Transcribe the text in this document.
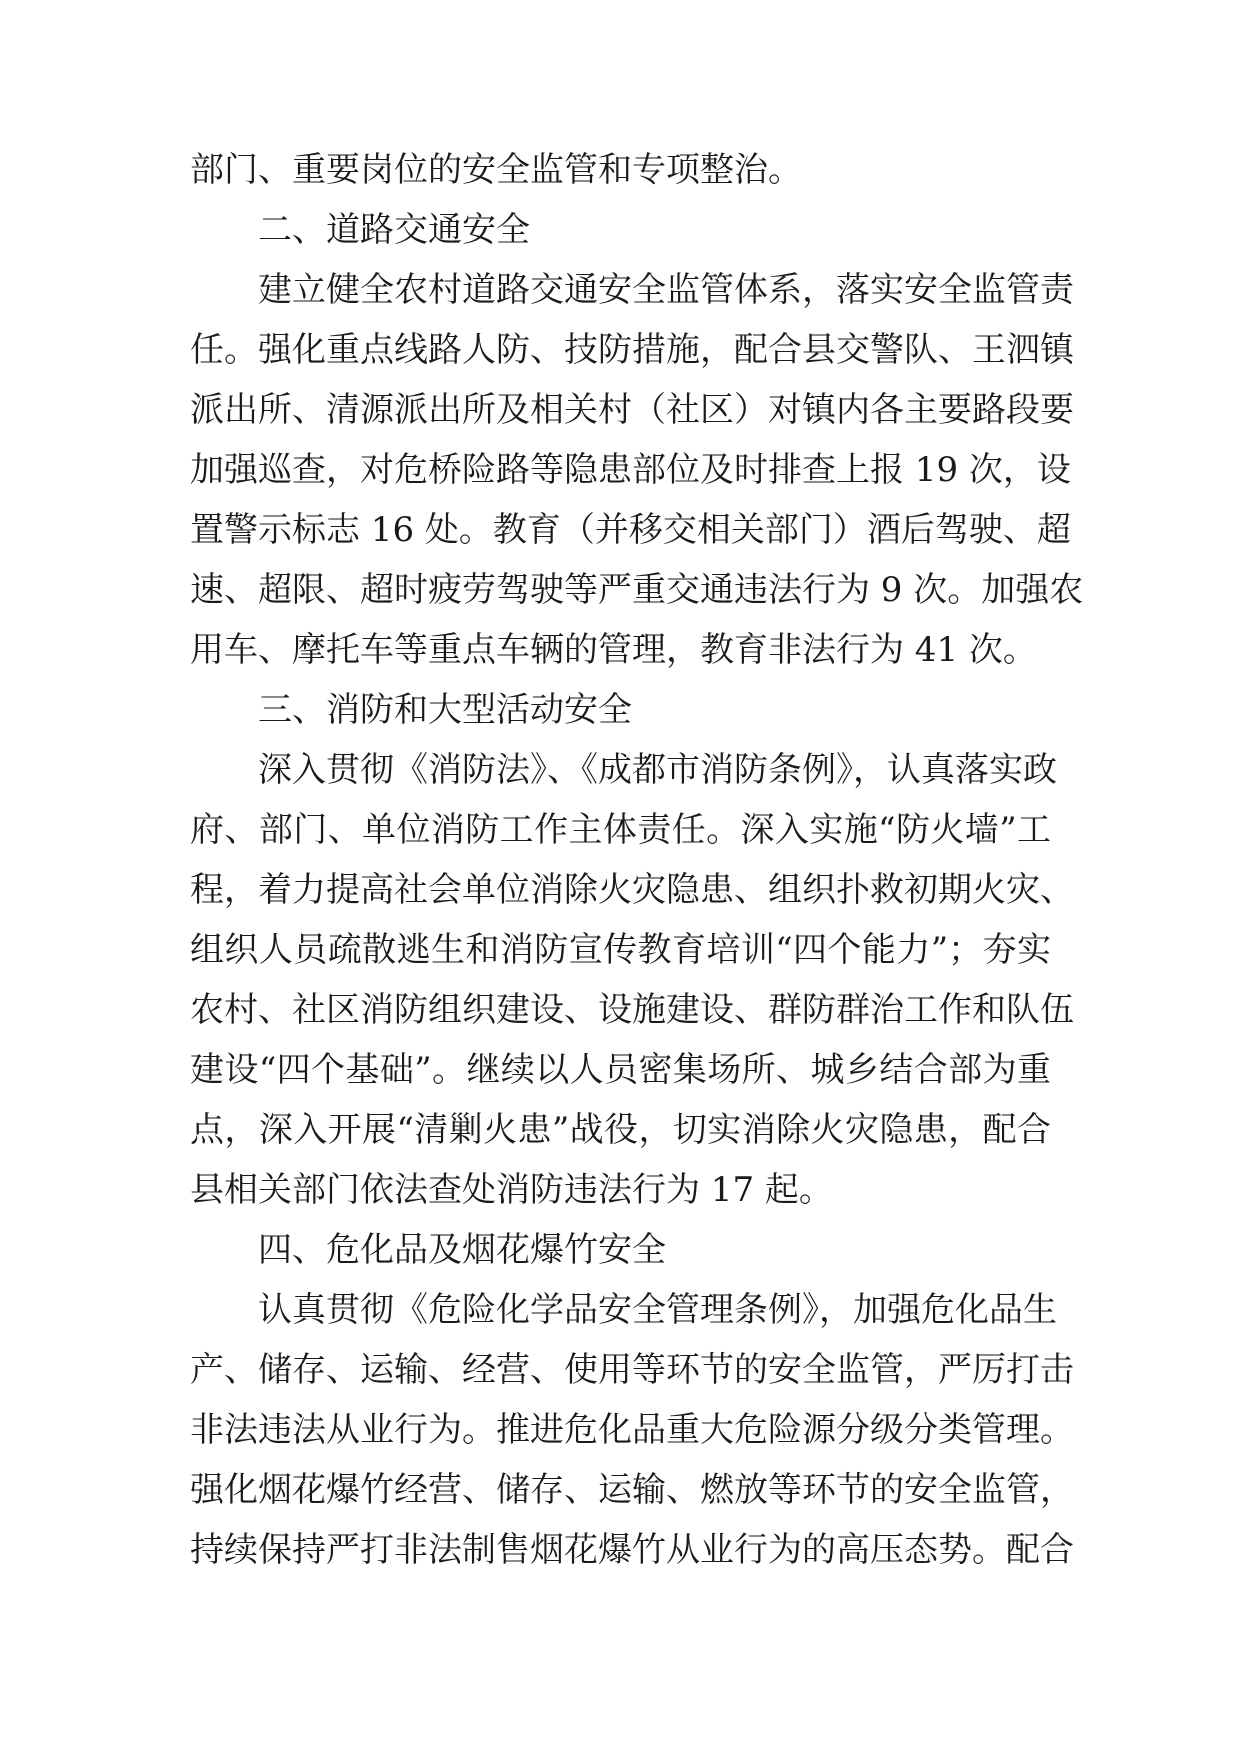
部门、重要岗位的安全监管和专项整治。
二、道路交通安全
建立健全农村道路交通安全监管体系，落实安全监管责
任。强化重点线路人防、技防措施，配合县交警队、王泗镇
派出所、清源派出所及相关村（社区）对镇内各主要路段要
加强巡查，对危桥险路等隐患部位及时排查上报 19 次，设
置警示标志 16 处。教育（并移交相关部门）酒后驾驶、超
速、超限、超时疲劳驾驶等严重交通违法行为 9 次。加强农
用车、摩托车等重点车辆的管理，教育非法行为 41 次。
三、消防和大型活动安全
深入贯彻《消防法》、《成都市消防条例》，认真落实政
府、部门、单位消防工作主体责任。深入实施“防火墙”工
程，着力提高社会单位消除火灾隐患、组织扑救初期火灾、
组织人员疏散逃生和消防宣传教育培训“四个能力”；夯实
农村、社区消防组织建设、设施建设、群防群治工作和队伍
建设“四个基础”。继续以人员密集场所、城乡结合部为重
点，深入开展“清剿火患”战役，切实消除火灾隐患，配合
县相关部门依法查处消防违法行为 17 起。
四、危化品及烟花爆竹安全
认真贯彻《危险化学品安全管理条例》，加强危化品生
产、储存、运输、经营、使用等环节的安全监管，严厉打击
非法违法从业行为。推进危化品重大危险源分级分类管理。
强化烟花爆竹经营、储存、运输、燃放等环节的安全监管，
持续保持严打非法制售烟花爆竹从业行为的高压态势。配合
